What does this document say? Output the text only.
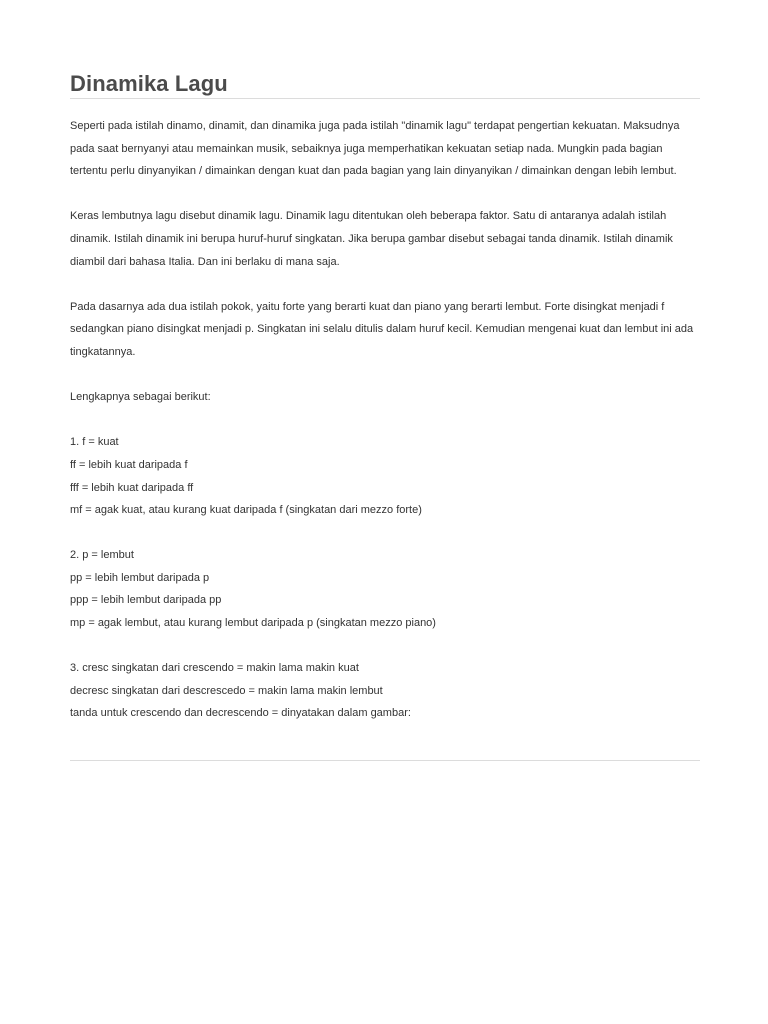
Dinamika Lagu

Seperti pada istilah dinamo, dinamit, dan dinamika juga pada istilah "dinamik lagu" terdapat pengertian kekuatan. Maksudnya pada saat bernyanyi atau memainkan musik, sebaiknya juga memperhatikan kekuatan setiap nada. Mungkin pada bagian tertentu perlu dinyanyikan / dimainkan dengan kuat dan pada bagian yang lain dinyanyikan / dimainkan dengan lebih lembut.

Keras lembutnya lagu disebut dinamik lagu. Dinamik lagu ditentukan oleh beberapa faktor. Satu di antaranya adalah istilah dinamik. Istilah dinamik ini berupa huruf-huruf singkatan. Jika berupa gambar disebut sebagai tanda dinamik. Istilah dinamik diambil dari bahasa Italia. Dan ini berlaku di mana saja.

Pada dasarnya ada dua istilah pokok, yaitu forte yang berarti kuat dan piano yang berarti lembut. Forte disingkat menjadi f sedangkan piano disingkat menjadi p. Singkatan ini selalu ditulis dalam huruf kecil. Kemudian mengenai kuat dan lembut ini ada tingkatannya.

Lengkapnya sebagai berikut:

1. f = kuat

ff = lebih kuat daripada f

fff = lebih kuat daripada ff

mf = agak kuat, atau kurang kuat daripada f (singkatan dari mezzo forte)

2. p = lembut

pp = lebih lembut daripada p

ppp = lebih lembut daripada pp

mp = agak lembut, atau kurang lembut daripada p (singkatan mezzo piano)

3. cresc singkatan dari crescendo = makin lama makin kuat

decresc singkatan dari descrescedo = makin lama makin lembut

tanda untuk crescendo dan decrescendo = dinyatakan dalam gambar:
